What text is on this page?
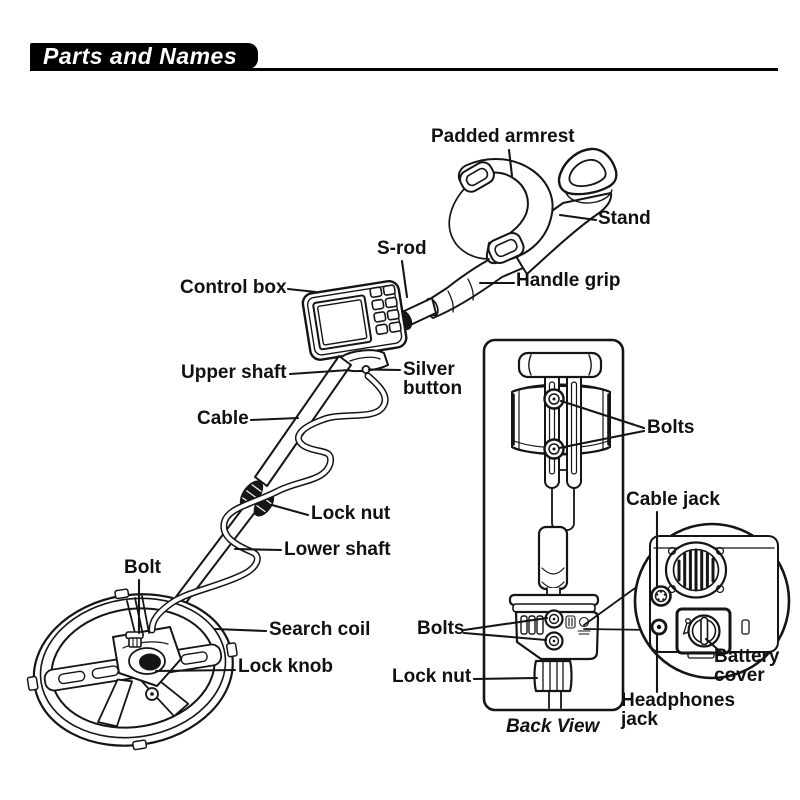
Parts and Names
Padded armrest
Stand
S-rod
Handle grip
Control box
Silver button
Upper shaft
Cable
Lock nut
Lower shaft
Bolt
Search coil
Lock knob
Bolts
Cable jack
Bolts
Lock nut
Battery cover
Headphones jack
Back View
